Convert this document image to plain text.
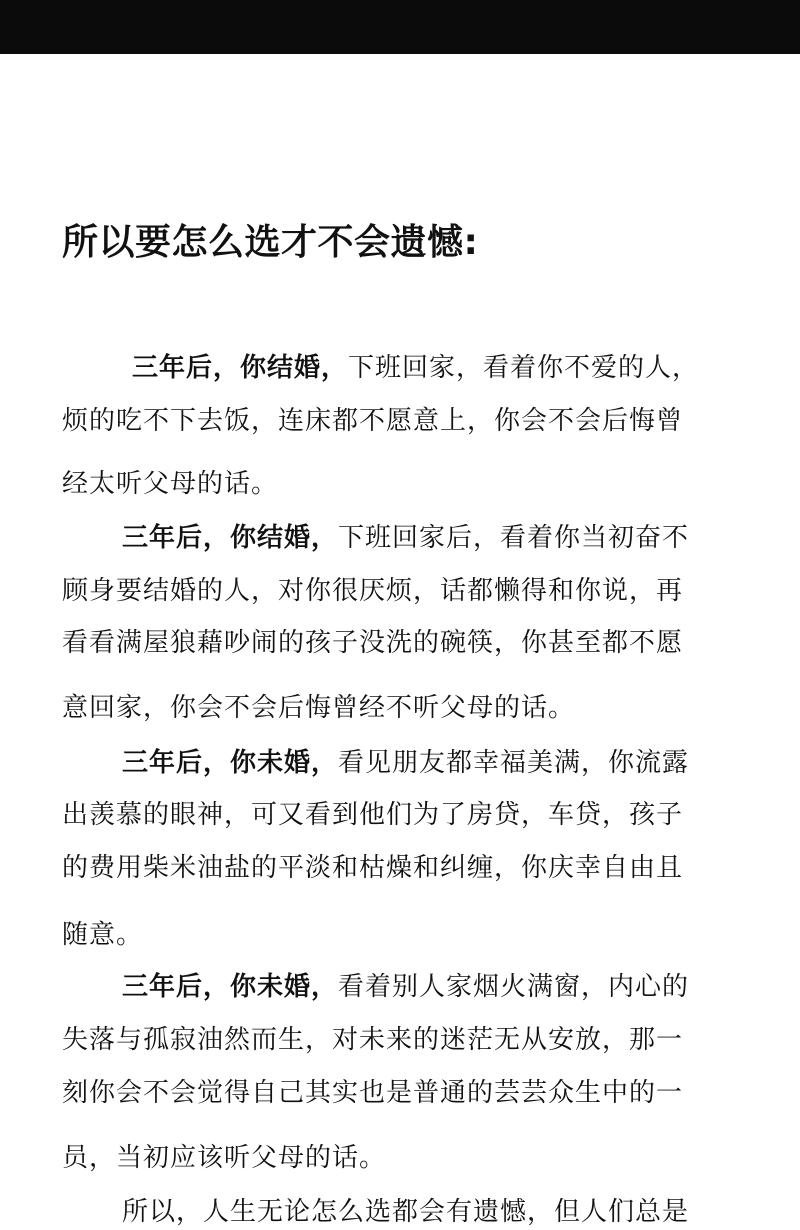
所以要怎么选才不会遗憾:
三年后，你结婚，下班回家，看着你不爱的人，
烦的吃不下去饭，连床都不愿意上，你会不会后悔曾
经太听父母的话。
三年后，你结婚，下班回家后，看着你当初奋不
顾身要结婚的人，对你很厌烦，话都懒得和你说，再
看看满屋狼藉吵闹的孩子没洗的碗筷，你甚至都不愿
意回家，你会不会后悔曾经不听父母的话。
三年后，你未婚，看见朋友都幸福美满，你流露
出羡慕的眼神，可又看到他们为了房贷，车贷，孩子
的费用柴米油盐的平淡和枯燥和纠缠，你庆幸自由且
随意。
三年后，你未婚，看着别人家烟火满窗，内心的
失落与孤寂油然而生，对未来的迷茫无从安放，那一
刻你会不会觉得自己其实也是普通的芸芸众生中的一
员，当初应该听父母的话。
所以，人生无论怎么选都会有遗憾，但人们总是
